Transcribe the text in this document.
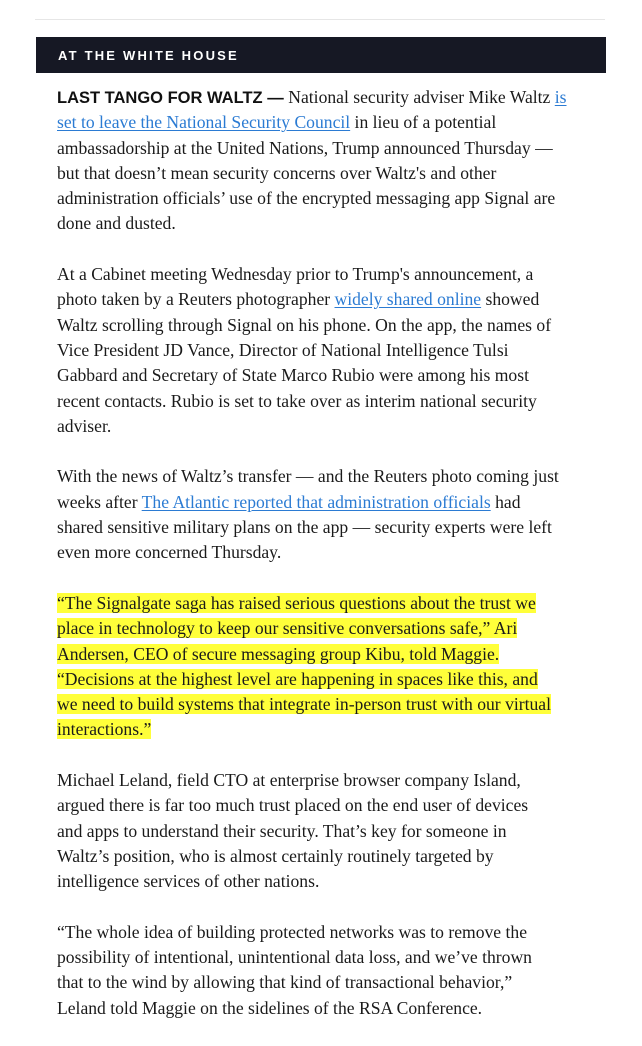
AT THE WHITE HOUSE
LAST TANGO FOR WALTZ — National security adviser Mike Waltz is
set to leave the National Security Council in lieu of a potential
ambassadorship at the United Nations, Trump announced Thursday —
but that doesn’t mean security concerns over Waltz's and other
administration officials’ use of the encrypted messaging app Signal are
done and dusted.
At a Cabinet meeting Wednesday prior to Trump's announcement, a
photo taken by a Reuters photographer widely shared online showed
Waltz scrolling through Signal on his phone. On the app, the names of
Vice President JD Vance, Director of National Intelligence Tulsi
Gabbard and Secretary of State Marco Rubio were among his most
recent contacts. Rubio is set to take over as interim national security
adviser.
With the news of Waltz’s transfer — and the Reuters photo coming just
weeks after The Atlantic reported that administration officials had
shared sensitive military plans on the app — security experts were left
even more concerned Thursday.
“The Signalgate saga has raised serious questions about the trust we
place in technology to keep our sensitive conversations safe,” Ari
Andersen, CEO of secure messaging group Kibu, told Maggie.
“Decisions at the highest level are happening in spaces like this, and
we need to build systems that integrate in-person trust with our virtual
interactions.”
Michael Leland, field CTO at enterprise browser company Island,
argued there is far too much trust placed on the end user of devices
and apps to understand their security. That’s key for someone in
Waltz’s position, who is almost certainly routinely targeted by
intelligence services of other nations.
“The whole idea of building protected networks was to remove the
possibility of intentional, unintentional data loss, and we’ve thrown
that to the wind by allowing that kind of transactional behavior,”
Leland told Maggie on the sidelines of the RSA Conference.
